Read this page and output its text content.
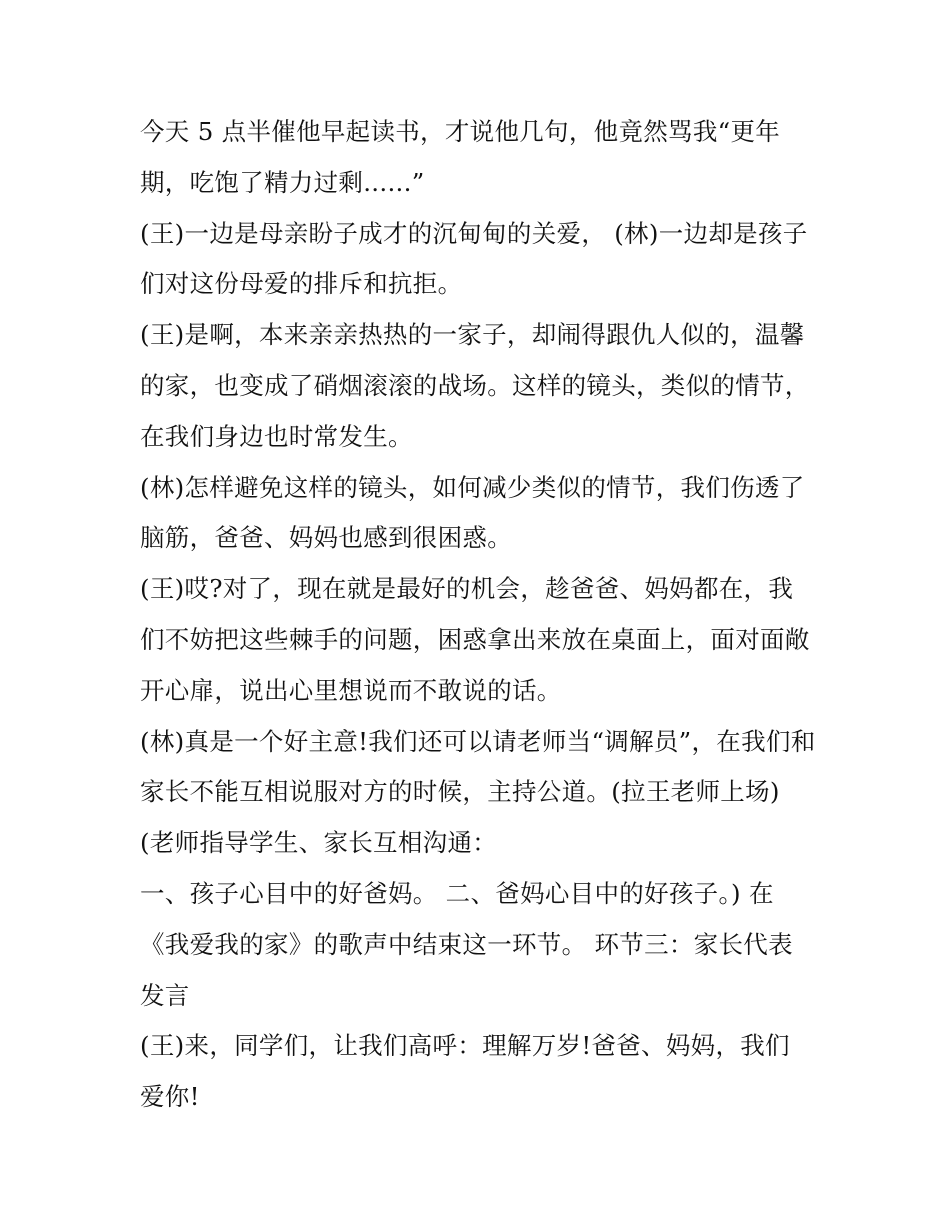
今天 5 点半催他早起读书，才说他几句，他竟然骂我“更年
期，吃饱了精力过剩......”
(王)一边是母亲盼子成才的沉甸甸的关爱， (林)一边却是孩子
们对这份母爱的排斥和抗拒。
(王)是啊，本来亲亲热热的一家子，却闹得跟仇人似的，温馨
的家，也变成了硝烟滚滚的战场。这样的镜头，类似的情节，
在我们身边也时常发生。
(林)怎样避免这样的镜头，如何减少类似的情节，我们伤透了
脑筋，爸爸、妈妈也感到很困惑。
(王)哎?对了，现在就是最好的机会，趁爸爸、妈妈都在，我
们不妨把这些棘手的问题，困惑拿出来放在桌面上，面对面敞
开心扉，说出心里想说而不敢说的话。
(林)真是一个好主意!我们还可以请老师当“调解员”，在我们和
家长不能互相说服对方的时候，主持公道。(拉王老师上场)
(老师指导学生、家长互相沟通：
一、孩子心目中的好爸妈。 二、爸妈心目中的好孩子。) 在
《我爱我的家》的歌声中结束这一环节。 环节三：家长代表
发言
(王)来，同学们，让我们高呼：理解万岁!爸爸、妈妈，我们
爱你!
